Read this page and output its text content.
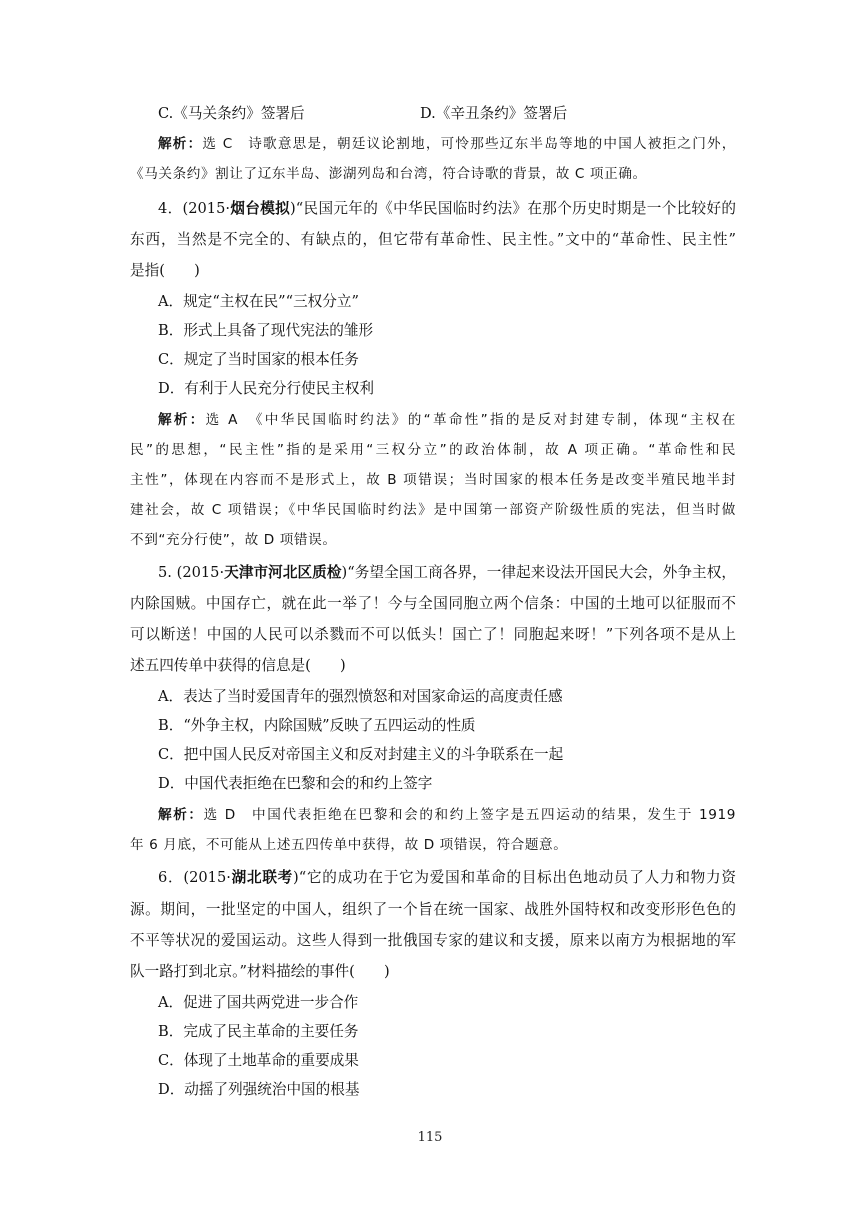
C.《马关条约》签署后	D.《辛丑条约》签署后
解析：选 C　诗歌意思是，朝廷议论割地，可怜那些辽东半岛等地的中国人被拒之门外，
《马关条约》割让了辽东半岛、澎湖列岛和台湾，符合诗歌的背景，故 C 项正确。
4．(2015·烟台模拟)“民国元年的《中华民国临时约法》在那个历史时期是一个比较好的
东西，当然是不完全的、有缺点的，但它带有革命性、民主性。”文中的“革命性、民主性”
是指(　　)
A．规定“主权在民”“三权分立”
B．形式上具备了现代宪法的雏形
C．规定了当时国家的根本任务
D．有利于人民充分行使民主权利
解析：选 A　《中华民国临时约法》的“革命性”指的是反对封建专制，体现“主权在
民”的思想，“民主性”指的是采用“三权分立”的政治体制，故 A 项正确。“革命性和民
主性”，体现在内容而不是形式上，故 B 项错误；当时国家的根本任务是改变半殖民地半封
建社会，故 C 项错误；《中华民国临时约法》是中国第一部资产阶级性质的宪法，但当时做
不到“充分行使”，故 D 项错误。
5. (2015·天津市河北区质检)“务望全国工商各界，一律起来设法开国民大会，外争主权，
内除国贼。中国存亡，就在此一举了！今与全国同胞立两个信条：中国的土地可以征服而不
可以断送！中国的人民可以杀戮而不可以低头！国亡了！同胞起来呀！”下列各项不是从上
述五四传单中获得的信息是(　　)
A．表达了当时爱国青年的强烈愤怒和对国家命运的高度责任感
B．“外争主权，内除国贼”反映了五四运动的性质
C．把中国人民反对帝国主义和反对封建主义的斗争联系在一起
D．中国代表拒绝在巴黎和会的和约上签字
解析：选 D　中国代表拒绝在巴黎和会的和约上签字是五四运动的结果，发生于 1919
年 6 月底，不可能从上述五四传单中获得，故 D 项错误，符合题意。
6．(2015·湖北联考)“它的成功在于它为爱国和革命的目标出色地动员了人力和物力资
源。期间，一批坚定的中国人，组织了一个旨在统一国家、战胜外国特权和改变形形色色的
不平等状况的爱国运动。这些人得到一批俄国专家的建议和支援，原来以南方为根据地的军
队一路打到北京。”材料描绘的事件(　　)
A．促进了国共两党进一步合作
B．完成了民主革命的主要任务
C．体现了土地革命的重要成果
D．动摇了列强统治中国的根基
115
